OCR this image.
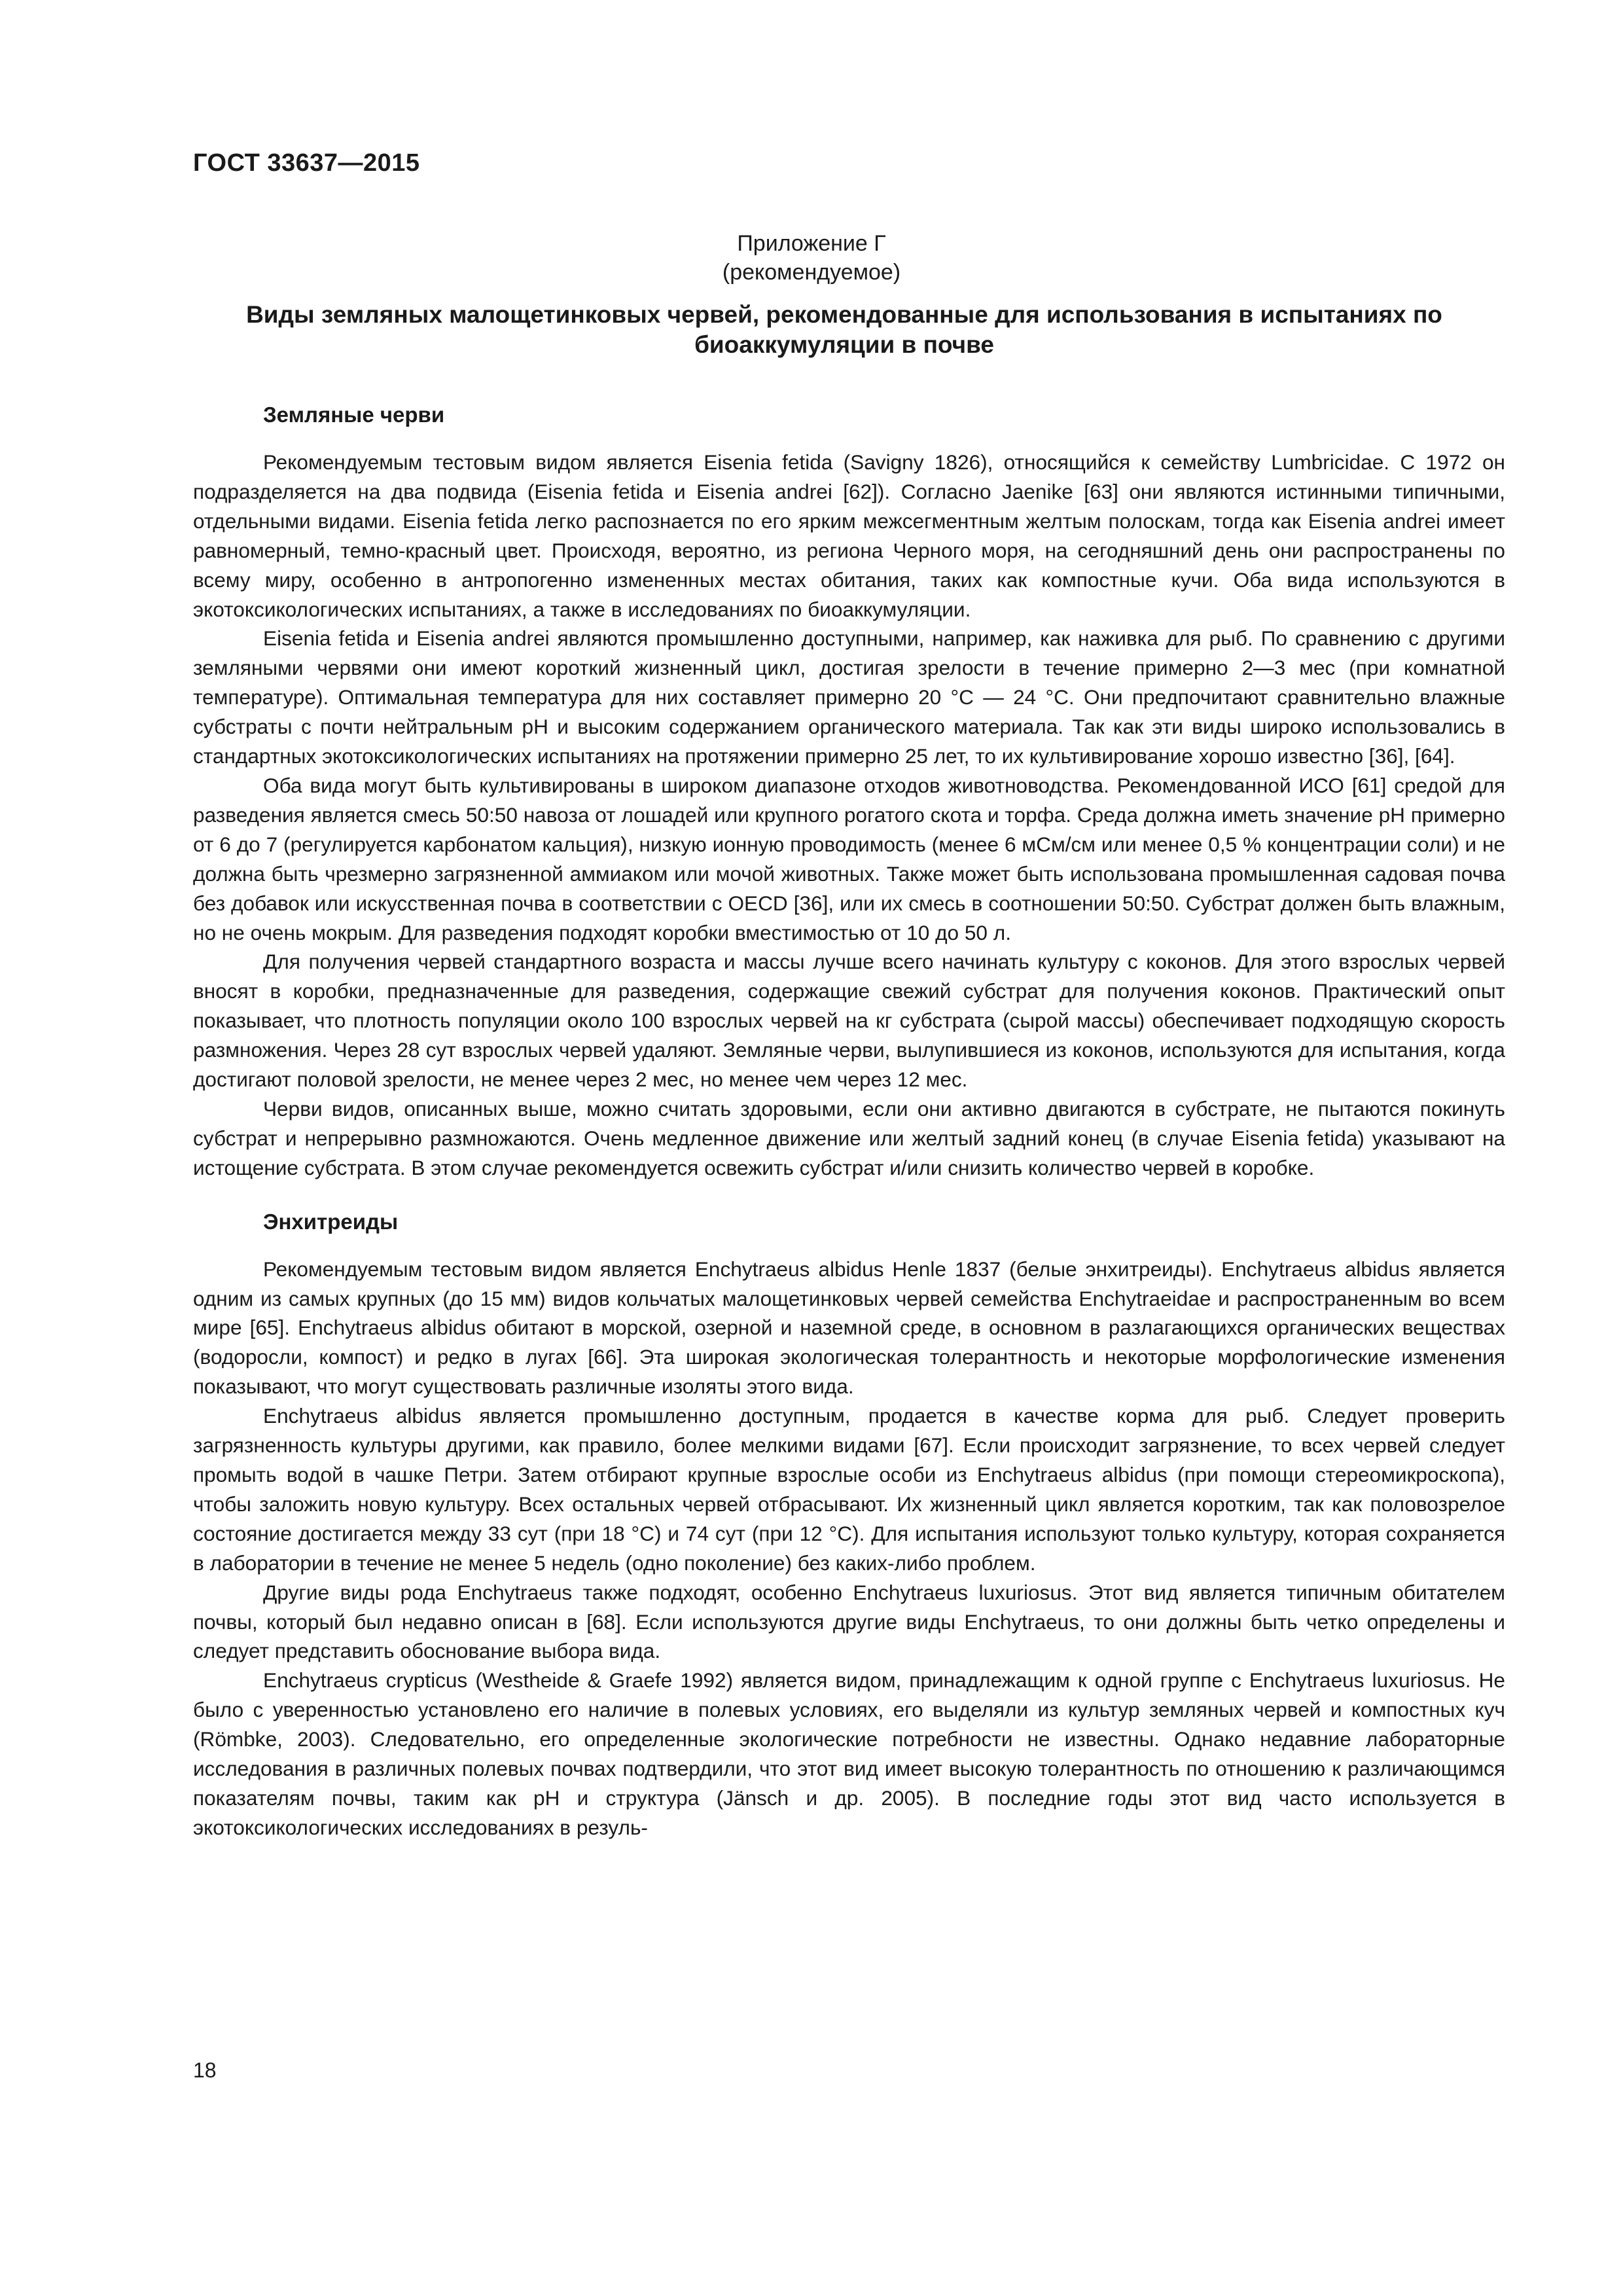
ГОСТ 33637—2015

Приложение Г
(рекомендуемое)
Виды земляных малощетинковых червей, рекомендованные для использования в испытаниях по биоаккумуляции в почве
Земляные черви

Рекомендуемым тестовым видом является Eisenia fetida (Savigny 1826), относящийся к семейству Lumbricidae. С 1972 он подразделяется на два подвида (Eisenia fetida и Eisenia andrei [62]). Согласно Jaenike [63] они являются истинными типичными, отдельными видами. Eisenia fetida легко распознается по его ярким межсегментным желтым полоскам, тогда как Eisenia andrei имеет равномерный, темно-красный цвет. Происходя, вероятно, из региона Черного моря, на сегодняшний день они распространены по всему миру, особенно в антропогенно измененных местах обитания, таких как компостные кучи. Оба вида используются в экотоксикологических испытаниях, а также в исследованиях по биоаккумуляции.

Eisenia fetida и Eisenia andrei являются промышленно доступными, например, как наживка для рыб. По сравнению с другими земляными червями они имеют короткий жизненный цикл, достигая зрелости в течение примерно 2—3 мес (при комнатной температуре). Оптимальная температура для них составляет примерно 20 °С — 24 °С. Они предпочитают сравнительно влажные субстраты с почти нейтральным pH и высоким содержанием органического материала. Так как эти виды широко использовались в стандартных экотоксикологических испытаниях на протяжении примерно 25 лет, то их культивирование хорошо известно [36], [64].

Оба вида могут быть культивированы в широком диапазоне отходов животноводства. Рекомендованной ИСО [61] средой для разведения является смесь 50:50 навоза от лошадей или крупного рогатого скота и торфа. Среда должна иметь значение pH примерно от 6 до 7 (регулируется карбонатом кальция), низкую ионную проводимость (менее 6 мСм/см или менее 0,5 % концентрации соли) и не должна быть чрезмерно загрязненной аммиаком или мочой животных. Также может быть использована промышленная садовая почва без добавок или искусственная почва в соответствии с OECD [36], или их смесь в соотношении 50:50. Субстрат должен быть влажным, но не очень мокрым. Для разведения подходят коробки вместимостью от 10 до 50 л.

Для получения червей стандартного возраста и массы лучше всего начинать культуру с коконов. Для этого взрослых червей вносят в коробки, предназначенные для разведения, содержащие свежий субстрат для получения коконов. Практический опыт показывает, что плотность популяции около 100 взрослых червей на кг субстрата (сырой массы) обеспечивает подходящую скорость размножения. Через 28 сут взрослых червей удаляют. Земляные черви, вылупившиеся из коконов, используются для испытания, когда достигают половой зрелости, не менее через 2 мес, но менее чем через 12 мес.

Черви видов, описанных выше, можно считать здоровыми, если они активно двигаются в субстрате, не пытаются покинуть субстрат и непрерывно размножаются. Очень медленное движение или желтый задний конец (в случае Eisenia fetida) указывают на истощение субстрата. В этом случае рекомендуется освежить субстрат и/или снизить количество червей в коробке.

Энхитреиды

Рекомендуемым тестовым видом является Enchytraeus albidus Henle 1837 (белые энхитреиды). Enchytraeus albidus является одним из самых крупных (до 15 мм) видов кольчатых малощетинковых червей семейства Enchytraeidae и распространенным во всем мире [65]. Enchytraeus albidus обитают в морской, озерной и наземной среде, в основном в разлагающихся органических веществах (водоросли, компост) и редко в лугах [66]. Эта широкая экологическая толерантность и некоторые морфологические изменения показывают, что могут существовать различные изоляты этого вида.

Enchytraeus albidus является промышленно доступным, продается в качестве корма для рыб. Следует проверить загрязненность культуры другими, как правило, более мелкими видами [67]. Если происходит загрязнение, то всех червей следует промыть водой в чашке Петри. Затем отбирают крупные взрослые особи из Enchytraeus albidus (при помощи стереомикроскопа), чтобы заложить новую культуру. Всех остальных червей отбрасывают. Их жизненный цикл является коротким, так как половозрелое состояние достигается между 33 сут (при 18 °С) и 74 сут (при 12 °С). Для испытания используют только культуру, которая сохраняется в лаборатории в течение не менее 5 недель (одно поколение) без каких-либо проблем.

Другие виды рода Enchytraeus также подходят, особенно Enchytraeus luxuriosus. Этот вид является типичным обитателем почвы, который был недавно описан в [68]. Если используются другие виды Enchytraeus, то они должны быть четко определены и следует представить обоснование выбора вида.

Enchytraeus crypticus (Westheide & Graefe 1992) является видом, принадлежащим к одной группе с Enchytraeus luxuriosus. Не было с уверенностью установлено его наличие в полевых условиях, его выделяли из культур земляных червей и компостных куч (Römbke, 2003). Следовательно, его определенные экологические потребности не известны. Однако недавние лабораторные исследования в различных полевых почвах подтвердили, что этот вид имеет высокую толерантность по отношению к различающимся показателям почвы, таким как pH и структура (Jänsch и др. 2005). В последние годы этот вид часто используется в экотоксикологических исследованиях в резуль-

18
